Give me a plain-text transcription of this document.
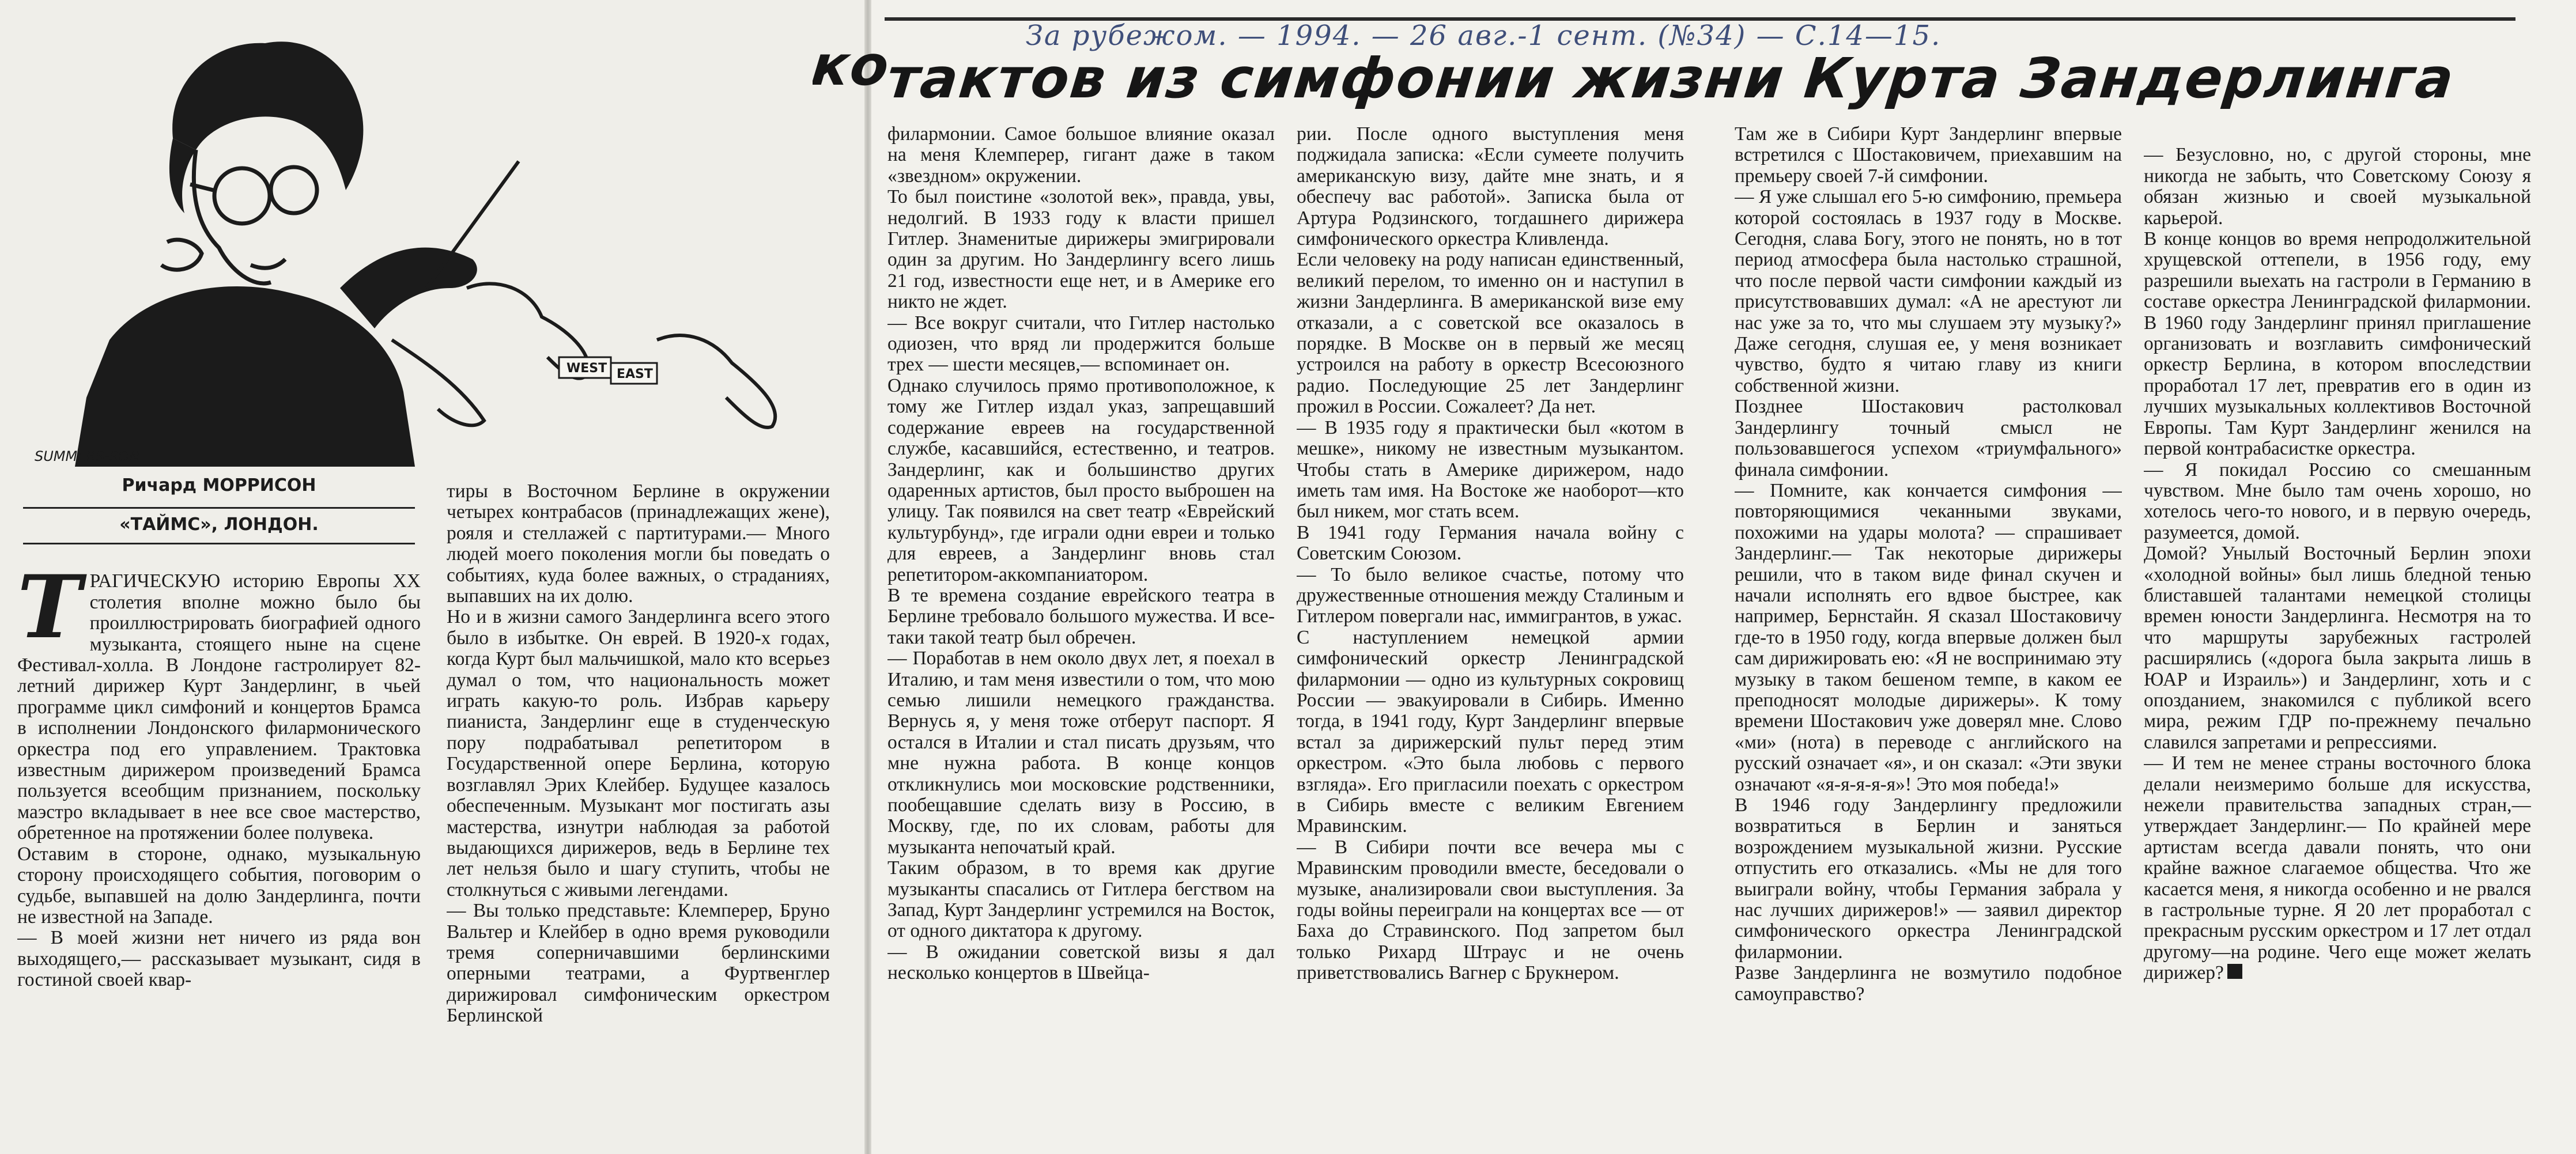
За рубежом. — 1994. — 26 авг.-1 сент. (№34) — С.14—15.
тактов из симфонии жизни Курта Зандерлинга
WEST EAST
SUMMERS-SON
Ричард МОРРИСОН
«ТАЙМС», ЛОНДОН.

ТРАГИЧЕСКУЮ историю Европы XX столетия вполне можно было бы проиллюстрировать биографией одного музыканта, стоящего ныне на сцене Фестивал-холла. В Лондоне гастролирует 82-летний дирижер Курт Зандерлинг, в чьей программе цикл симфоний и концертов Брамса в исполнении Лондонского филармонического оркестра под его управлением. Трактовка известным дирижером произведений Брамса пользуется всеобщим признанием, поскольку маэстро вкладывает в нее все свое мастерство, обретенное на протяжении более полувека.
Оставим в стороне, однако, музыкальную сторону происходящего события, поговорим о судьбе, выпавшей на долю Зандерлинга, почти не известной на Западе.
— В моей жизни нет ничего из ряда вон выходящего,— рассказывает музыкант, сидя в гостиной своей квар-

тиры в Восточном Берлине в окружении четырех контрабасов (принадлежащих жене), рояля и стеллажей с партитурами.— Много людей моего поколения могли бы поведать о событиях, куда более важных, о страданиях, выпавших на их долю.
Но и в жизни самого Зандерлинга всего этого было в избытке. Он еврей. В 1920-х годах, когда Курт был мальчишкой, мало кто всерьез думал о том, что национальность может играть какую-то роль. Избрав карьеру пианиста, Зандерлинг еще в студенческую пору подрабатывал репетитором в Государственной опере Берлина, которую возглавлял Эрих Клейбер. Будущее казалось обеспеченным. Музыкант мог постигать азы мастерства, изнутри наблюдая за работой выдающихся дирижеров, ведь в Берлине тех лет нельзя было и шагу ступить, чтобы не столкнуться с живыми легендами.
— Вы только представьте: Клемперер, Бруно Вальтер и Клейбер в одно время руководили тремя соперничавшими берлинскими оперными театрами, а Фуртвенглер дирижировал симфоническим оркестром Берлинской
филармонии. Самое большое влияние оказал на меня Клемперер, гигант даже в таком «звездном» окружении.
То был поистине «золотой век», правда, увы, недолгий. В 1933 году к власти пришел Гитлер. Знаменитые дирижеры эмигрировали один за другим. Но Зандерлингу всего лишь 21 год, известности еще нет, и в Америке его никто не ждет.
— Все вокруг считали, что Гитлер настолько одиозен, что вряд ли продержится больше трех — шести месяцев,— вспоминает он.
Однако случилось прямо противоположное, к тому же Гитлер издал указ, запрещавший содержание евреев на государственной службе, касавшийся, естественно, и театров. Зандерлинг, как и большинство других одаренных артистов, был просто выброшен на улицу. Так появился на свет театр «Еврейский культурбунд», где играли одни евреи и только для евреев, а Зандерлинг вновь стал репетитором-аккомпаниатором.
В те времена создание еврейского театра в Берлине требовало большого мужества. И все-таки такой театр был обречен.
— Поработав в нем около двух лет, я поехал в Италию, и там меня известили о том, что мою семью лишили немецкого гражданства. Вернусь я, у меня тоже отберут паспорт. Я остался в Италии и стал писать друзьям, что мне нужна работа. В конце концов откликнулись мои московские родственники, пообещавшие сделать визу в Россию, в Москву, где, по их словам, работы для музыканта непочатый край.
Таким образом, в то время как другие музыканты спасались от Гитлера бегством на Запад, Курт Зандерлинг устремился на Восток, от одного диктатора к другому.
— В ожидании советской визы я дал несколько концертов в Швейца-
рии. После одного выступления меня поджидала записка: «Если сумеете получить американскую визу, дайте мне знать, и я обеспечу вас работой». Записка была от Артура Родзинского, тогдашнего дирижера симфонического оркестра Кливленда.
Если человеку на роду написан единственный, великий перелом, то именно он и наступил в жизни Зандерлинга. В американской визе ему отказали, а с советской все оказалось в порядке. В Москве он в первый же месяц устроился на работу в оркестр Всесоюзного радио. Последующие 25 лет Зандерлинг прожил в России. Сожалеет? Да нет.
— В 1935 году я практически был «котом в мешке», никому не известным музыкантом. Чтобы стать в Америке дирижером, надо иметь там имя. На Востоке же наоборот—кто был никем, мог стать всем.
В 1941 году Германия начала войну с Советским Союзом.
— То было великое счастье, потому что дружественные отношения между Сталиным и Гитлером повергали нас, иммигрантов, в ужас.
С наступлением немецкой армии симфонический оркестр Ленинградской филармонии — одно из культурных сокровищ России — эвакуировали в Сибирь. Именно тогда, в 1941 году, Курт Зандерлинг впервые встал за дирижерский пульт перед этим оркестром. «Это была любовь с первого взгляда». Его пригласили поехать с оркестром в Сибирь вместе с великим Евгением Мравинским.
— В Сибири почти все вечера мы с Мравинским проводили вместе, беседовали о музыке, анализировали свои выступления. За годы войны переиграли на концертах все — от Баха до Стравинского. Под запретом был только Рихард Штраус и не очень приветствовались Вагнер с Брукнером.
Там же в Сибири Курт Зандерлинг впервые встретился с Шостаковичем, приехавшим на премьеру своей 7-й симфонии.
— Я уже слышал его 5-ю симфонию, премьера которой состоялась в 1937 году в Москве. Сегодня, слава Богу, этого не понять, но в тот период атмосфера была настолько страшной, что после первой части симфонии каждый из присутствовавших думал: «А не арестуют ли нас уже за то, что мы слушаем эту музыку?» Даже сегодня, слушая ее, у меня возникает чувство, будто я читаю главу из книги собственной жизни.
Позднее Шостакович растолковал Зандерлингу точный смысл не пользовавшегося успехом «триумфального» финала симфонии.
— Помните, как кончается симфония — повторяющимися чеканными звуками, похожими на удары молота? — спрашивает Зандерлинг.— Так некоторые дирижеры решили, что в таком виде финал скучен и начали исполнять его вдвое быстрее, как например, Бернстайн. Я сказал Шостаковичу где-то в 1950 году, когда впервые должен был сам дирижировать ею: «Я не воспринимаю эту музыку в таком бешеном темпе, в каком ее преподносят молодые дирижеры». К тому времени Шостакович уже доверял мне. Слово «ми» (нота) в переводе с английского на русский означает «я», и он сказал: «Эти звуки означают «я-я-я-я-я»! Это моя победа!»
В 1946 году Зандерлингу предложили возвратиться в Берлин и заняться возрождением музыкальной жизни. Русские отпустить его отказались. «Мы не для того выиграли войну, чтобы Германия забрала у нас лучших дирижеров!» — заявил директор симфонического оркестра Ленинградской филармонии.
Разве Зандерлинга не возмутило подобное самоуправство?

— Безусловно, но, с другой стороны, мне никогда не забыть, что Советскому Союзу я обязан жизнью и своей музыкальной карьерой.
В конце концов во время непродолжительной хрущевской оттепели, в 1956 году, ему разрешили выехать на гастроли в Германию в составе оркестра Ленинградской филармонии. В 1960 году Зандерлинг принял приглашение организовать и возглавить симфонический оркестр Берлина, в котором впоследствии проработал 17 лет, превратив его в один из лучших музыкальных коллективов Восточной Европы. Там Курт Зандерлинг женился на первой контрабасистке оркестра.
— Я покидал Россию со смешанным чувством. Мне было там очень хорошо, но хотелось чего-то нового, и в первую очередь, разумеется, домой.
Домой? Унылый Восточный Берлин эпохи «холодной войны» был лишь бледной тенью блиставшей талантами немецкой столицы времен юности Зандерлинга. Несмотря на то что маршруты зарубежных гастролей расширялись («дорога была закрыта лишь в ЮАР и Израиль») и Зандерлинг, хоть и с опозданием, знакомился с публикой всего мира, режим ГДР по-прежнему печально славился запретами и репрессиями.
— И тем не менее страны восточного блока делали неизмеримо больше для искусства, нежели правительства западных стран,— утверждает Зандерлинг.— По крайней мере артистам всегда давали понять, что они крайне важное слагаемое общества. Что же касается меня, я никогда особенно и не рвался в гастрольные турне. Я 20 лет проработал с прекрасным русским оркестром и 17 лет отдал другому—на родине. Чего еще может желать дирижер?
